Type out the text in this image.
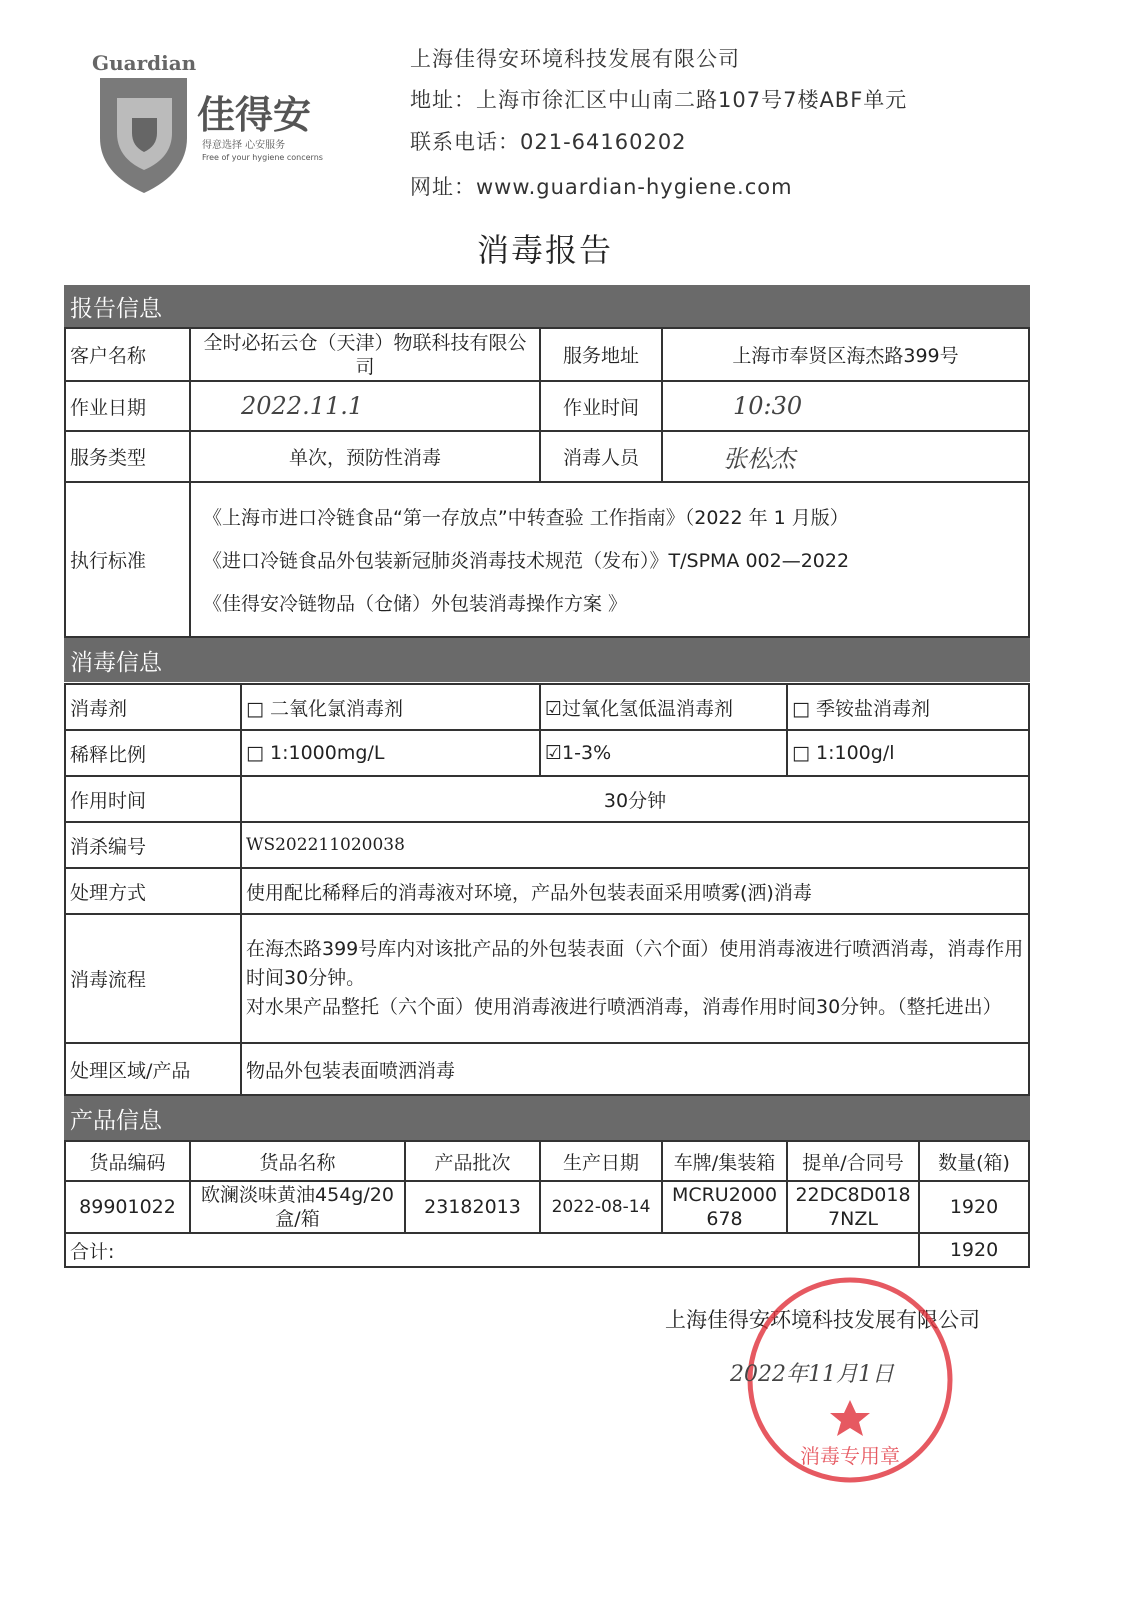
Guardian
佳得安
得意选择 心安服务
Free of your hygiene concerns
上海佳得安环境科技发展有限公司
地址：上海市徐汇区中山南二路107号7楼ABF单元
联系电话：021-64160202
网址：www.guardian-hygiene.com
消毒报告
报告信息
客户名称	全时必拓云仓（天津）物联科技有限公司	服务地址	上海市奉贤区海杰路399号
作业日期	2022.11.1	作业时间	10:30
服务类型	单次，预防性消毒	消毒人员	张松杰
执行标准	《上海市进口冷链食品“第一存放点”中转查验 工作指南》（2022 年 1 月版）

《进口冷链食品外包装新冠肺炎消毒技术规范（发布）》T/SPMA 002—2022

《佳得安冷链物品（仓储）外包装消毒操作方案 》		

消毒信息
消毒剂	□ 二氧化氯消毒剂	☑过氧化氢低温消毒剂	□ 季铵盐消毒剂
稀释比例	□ 1:1000mg/L	☑1-3%	□ 1:100g/l
作用时间	30分钟		
消杀编号	WS202211020038		
处理方式	使用配比稀释后的消毒液对环境，产品外包装表面采用喷雾(洒)消毒		
消毒流程	在海杰路399号库内对该批产品的外包装表面（六个面）使用消毒液进行喷洒消毒，消毒作用时间30分钟。
对水果产品整托（六个面）使用消毒液进行喷洒消毒，消毒作用时间30分钟。（整托进出）		

处理区域/产品	物品外包装表面喷洒消毒		
产品信息
货品编码	货品名称	产品批次	生产日期	车牌/集装箱	提单/合同号	数量(箱)
89901022	欧澜淡味黄油454g/20盒/箱	23182013	2022-08-14	MCRU2000678	22DC8D0187NZL	1920
合计:						1920
上海佳得安环境科技发展有限公司
2022年11月1日
消毒专用章
